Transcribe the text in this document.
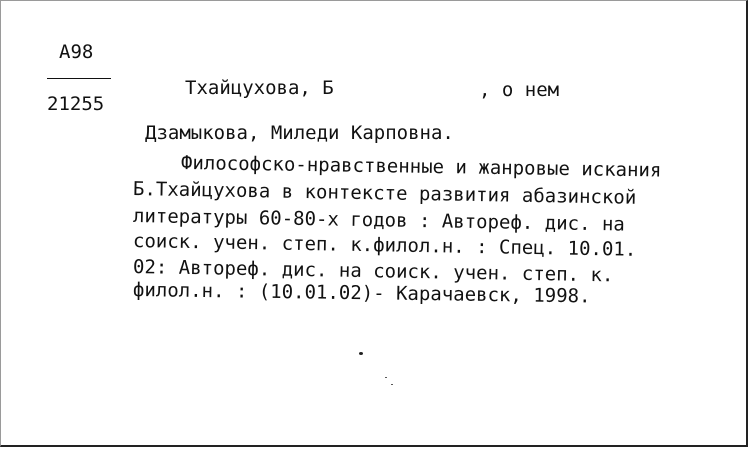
А98
21255
Тхайцухова, Б	, о нем
Дзамыкова, Миледи Карповна.
Философско-нравственные и жанровые искания
Б.Тхайцухова в контексте развития абазинской
литературы 60-80-х годов : Автореф. дис. на
соиск. учен. степ. к.филол.н. : Спец. 10.01.
02: Автореф. дис. на соиск. учен. степ. к.
филол.н. : (10.01.02)- Карачаевск, 1998.
